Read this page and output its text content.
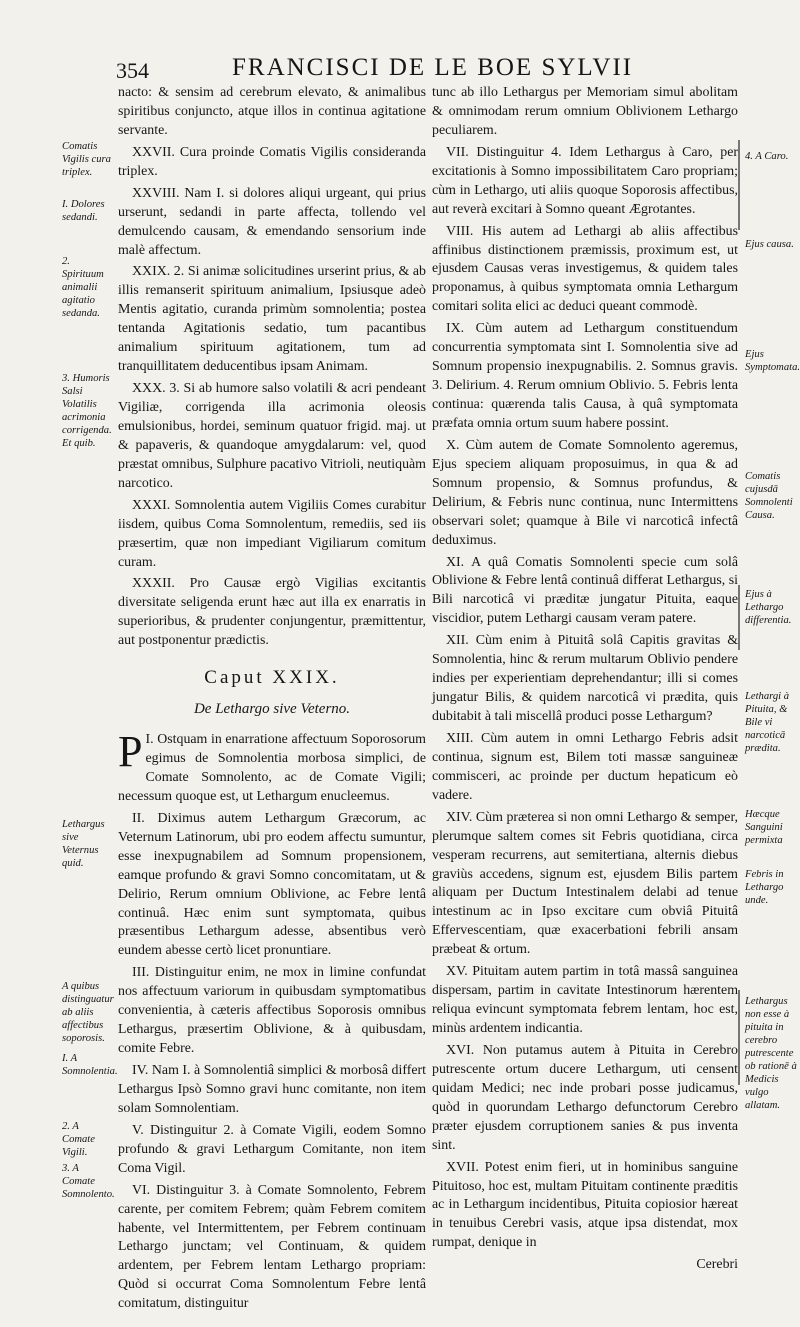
354	FRANCISCI DE LE BOE SYLVII

nacto: & sensim ad cerebrum elevato, & animalibus spiritibus conjuncto, atque illos in continua agitatione servante.

XXVII. Cura proinde Comatis Vigilis considerandа triplex.

XXVIII. Nam I. si dolores aliqui urgeant, qui prius urserunt, sedandi in parte affecta, tollendo vel demulcendo causam, & emendando sensorium inde malè affectum.

XXIX. 2. Si animæ solicitudines urserint prius, & ab illis remanserit spirituum animalium, Ipsiusque adeò Mentis agitatio, curanda primùm somnolentia; postea tentanda Agitationis sedatio, tum pacantibus animalium spirituum agitationem, tum ad tranquillitatem deducentibus ipsam Animam.

XXX. 3. Si ab humore salso volatili & acri pendeant Vigiliæ, corrigenda illa acrimonia oleosis emulsionibus, hordei, seminum quatuor frigid. maj. ut & papaveris, & quandoque amygdalarum: vel, quod præstat omnibus, Sulphure pacativo Vitrioli, neutiquàm narcotico.

XXXI. Somnolentia autem Vigiliis Comes curabitur iisdem, quibus Coma Somnolentum, remediis, sed iis præsertim, quæ non impediant Vigiliarum comitum curam.

XXXII. Pro Causæ ergò Vigilias excitantis diversitate seligenda erunt hæc aut illa ex enarratis in superioribus, & prudenter conjungentur, præmittentur, aut postponentur prædictis.

Caput XXIX.
De Lethargo sive Veterno.

P I. Ostquam in enarratione affectuum Soporosorum egimus de Somnolentia morbosa simplici, de Comate Somnolento, ac de Comate Vigili; necessum quoque est, ut Lethargum enucleemus.

II. Diximus autem Lethargum Græcorum, ac Veternum Latinorum, ubi pro eodem affectu sumuntur, esse inexpugnabilem ad Somnum propensionem, eamque profundo & gravi Somno concomitatam, ut & Delirio, Rerum omnium Oblivione, ac Febre lentâ continuâ. Hæc enim sunt symptomata, quibus præsentibus Lethargum adesse, absentibus verò eundem abesse certò licet pronuntiare.

III. Distinguitur enim, ne mox in limine confundat nos affectuum variorum in quibusdam symptomatibus convenientia, à cæteris affectibus Soporosis omnibus Lethargus, præsertim Oblivione, & à quibusdam, comite Febre.

IV. Nam I. à Somnolentiâ simplici & morbosâ differt Lethargus Ipsò Somno gravi hunc comitante, non item solam Somnolentiam.

V. Distinguitur 2. à Comate Vigili, eodem Somno profundo & gravi Lethargum Comitante, non item Coma Vigil.

VI. Distinguitur 3. à Comate Somnolento, Febrem carente, per comitem Febrem; quàm Febrem comitem habente, vel Intermittentem, per Febrem continuam Lethargo junctam; vel Continuam, & quidem ardentem, per Febrem lentam Lethargo propriam: Quòd si occurrat Coma Somnolentum Febre lentâ comitatum, distinguitur

tunc ab illo Lethargus per Memoriam simul abolitam & omnimodam rerum omnium Oblivionem Lethargo peculiarem.

VII. Distinguitur 4. Idem Lethargus à Caro, per excitationis à Somno impossibilitatem Caro propriam; cùm in Lethargo, uti aliis quoque Soporosis affectibus, aut reverà excitari à Somno queant Ægrotantes.

VIII. His autem ad Lethargi ab aliis affectibus affinibus distinctionem præmissis, proximum est, ut ejusdem Causas veras investigemus, & quidem tales proponamus, à quibus symptomata omnia Lethargum comitari solita elici ac deduci queant commodè.

IX. Cùm autem ad Lethargum constituendum concurrentia symptomata sint I. Somnolentia sive ad Somnum propensio inexpugnabilis. 2. Somnus gravis. 3. Delirium. 4. Rerum omnium Oblivio. 5. Febris lenta continua: quærenda talis Causa, à quâ symptomata præfata omnia ortum suum habere possint.

X. Cùm autem de Comate Somnolento ageremus, Ejus speciem aliquam proposuimus, in qua & ad Somnum propensio, & Somnus profundus, & Delirium, & Febris nunc continua, nunc Intermittens observari solet; quamque à Bile vi narcoticâ infectâ deduximus.

XI. A quâ Comatis Somnolenti specie cum solâ Oblivione & Febre lentâ continuâ differat Lethargus, si Bili narcoticâ vi præditæ jungatur Pituita, eaque viscidior, putem Lethargi causam veram patere.

XII. Cùm enim à Pituitâ solâ Capitis gravitas & Somnolentia, hinc & rerum multarum Oblivio pendere indies per experientiam deprehendantur; illi si comes jungatur Bilis, & quidem narcoticâ vi prædita, quis dubitabit à tali miscellâ produci posse Lethargum?

XIII. Cùm autem in omni Lethargo Febris adsit continua, signum est, Bilem toti massæ sanguineæ commisceri, ac proinde per ductum hepaticum eò vadere.

XIV. Cùm præterea si non omni Lethargo & semper, plerumque saltem comes sit Febris quotidiana, circa vesperam recurrens, aut semitertiana, alternis diebus graviùs accedens, signum est, ejusdem Bilis partem aliquam per Ductum Intestinalem delabi ad tenue intestinum ac in Ipso excitare cum obviâ Pituitâ Effervescentiam, quæ exacerbationi febrili ansam præbeat & ortum.

XV. Pituitam autem partim in totâ massâ sanguinea dispersam, partim in cavitate Intestinorum hærentem reliqua evincunt symptomata febrem lentam, hoc est, minùs ardentem indicantia.

XVI. Non putamus autem à Pituita in Cerebro putrescente ortum ducere Lethargum, uti censent quidam Medici; nec inde probari posse judicamus, quòd in quorundam Lethargo defunctorum Cerebro præter ejusdem corruptionem sanies & pus inventa sint.

XVII. Potest enim fieri, ut in hominibus sanguine Pituitoso, hoc est, multam Pituitam continente præditis ac in Lethargum incidentibus, Pituita copiosior hæreat in tenuibus Cerebri vasis, atque ipsa distendat, mox rumpat, denique in

Cerebri
Comatis Vigilis cura triplex.
I. Dolores sedandi.
2. Spirituum animalii agitatio sedanda.
3. Humoris Salsi Volatilis acrimonia corrigenda. Et quib.
Lethargus sive Veternus quid.
A quibus distinguatur ab aliis affectibus soporosis.
I. A Somnolentia.
2. A Comate Vigili.
3. A Comate Somnolento.
4. A Caro.
Ejus causa.
Ejus Symptomata.
Comatis cujusdā Somnolenti Causa.
Ejus à Lethargo differentia.
Lethargi à Pituita, & Bile vi narcoticā prædita.
Hæcque Sanguini permixta
Febris in Lethargo unde.
Lethargus non esse à pituita in cerebro putrescente ob rationē à Medicis vulgo allatam.
